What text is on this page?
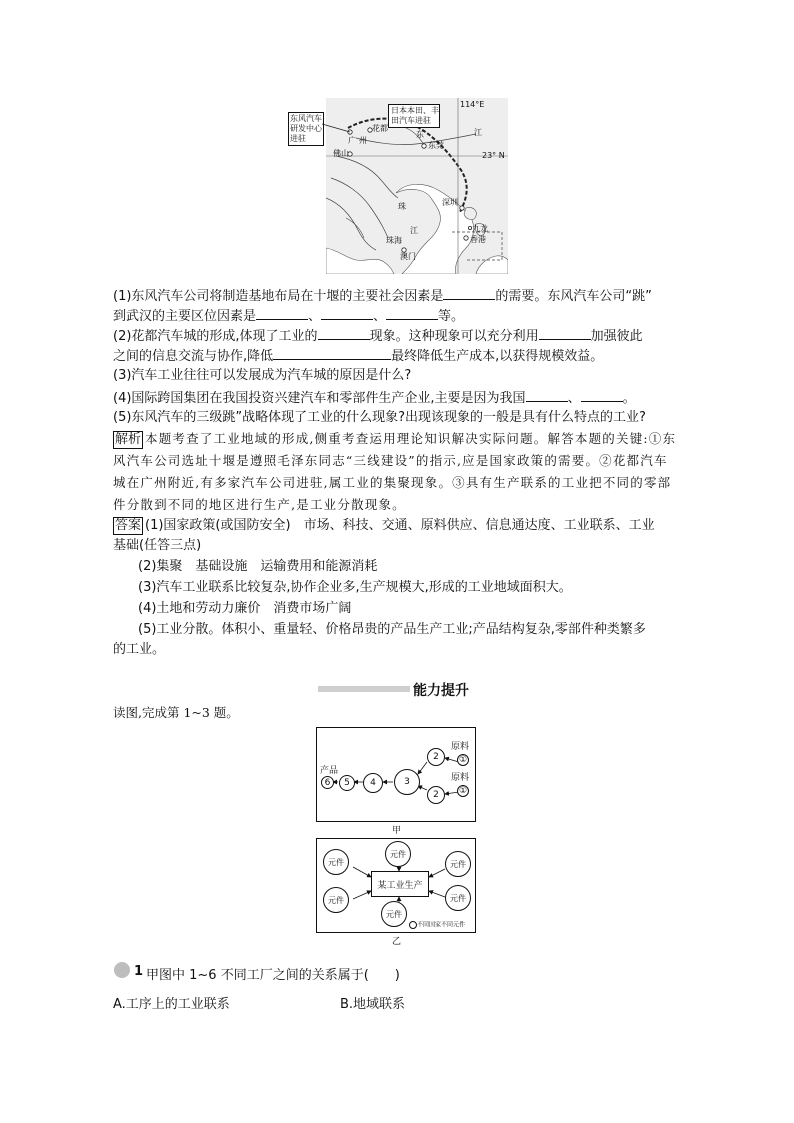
日本本田、丰
田汽车进驻
114°E
23° N
花都
广州
东	江
东莞
佛山
珠	深圳
珠海
江	九龙
香港
澳门
东风汽车
研发中心
进驻
(1)东风汽车公司将制造基地布局在十堰的主要社会因素是	的需要。东风汽车公司“跳”
到武汉的主要区位因素是	、	、	等。
(2)花都汽车城的形成,体现了工业的	现象。这种现象可以充分利用	加强彼此
之间的信息交流与协作,降低	最终降低生产成本,以获得规模效益。
(3)汽车工业往往可以发展成为汽车城的原因是什么?
(4)国际跨国集团在我国投资兴建汽车和零部件生产企业,主要是因为我国	、	。
(5)东风汽车的三级跳”战略体现了工业的什么现象?出现该现象的一般是具有什么特点的工业?
解析 本题考查了工业地域的形成,侧重考查运用理论知识解决实际问题。解答本题的关键:①东
风汽车公司选址十堰是遵照毛泽东同志“三线建设”的指示,应是国家政策的需要。②花都汽车
城在广州附近,有多家汽车公司进驻,属工业的集聚现象。③具有生产联系的工业把不同的零部
件分散到不同的地区进行生产,是工业分散现象。
答案 (1)国家政策(或国防安全)　市场、科技、交通、原料供应、信息通达度、工业联系、工业
基础(任答三点)
(2)集聚　基础设施　运输费用和能源消耗
(3)汽车工业联系比较复杂,协作企业多,生产规模大,形成的工业地域面积大。
(4)土地和劳动力廉价　消费市场广阔
(5)工业分散。体积小、重量轻、价格昂贵的产品生产工业;产品结构复杂,零部件种类繁多
的工业。
能力提升
读图,完成第 1~3 题。
产品
原料
原料
①
①
2
2
3
4
5
6
甲
元件
元件
元件
元件
元件
元件
某工业生产
不同国家不同元件
乙
1 甲图中 1~6 不同工厂之间的关系属于(　　)
A.工序上的工业联系	B.地域联系
